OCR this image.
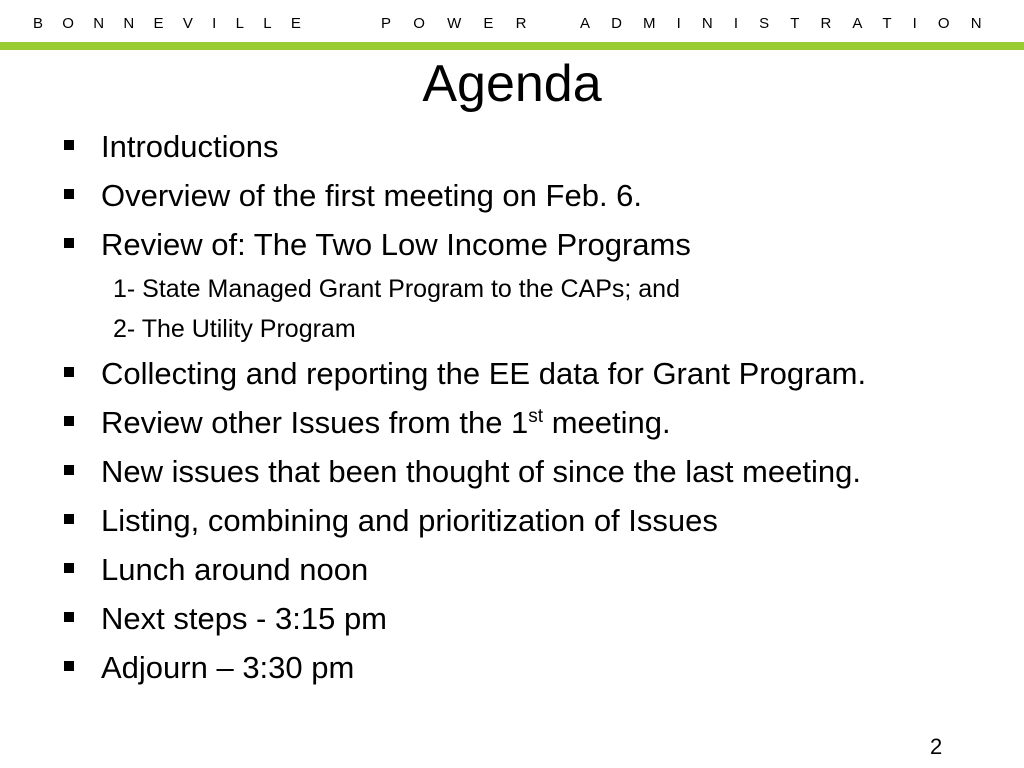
BONNEVILLE	POWER ADMINISTRATION
Agenda
Introductions
Overview of the first meeting on Feb. 6.
Review of: The Two Low Income Programs
1- State Managed Grant Program to the CAPs; and
2- The Utility Program
Collecting and reporting the EE data for Grant Program.
Review other Issues from the 1st meeting.
New issues that been thought of since the last meeting.
Listing, combining and prioritization of Issues
Lunch around noon
Next steps - 3:15 pm
Adjourn – 3:30 pm
2
